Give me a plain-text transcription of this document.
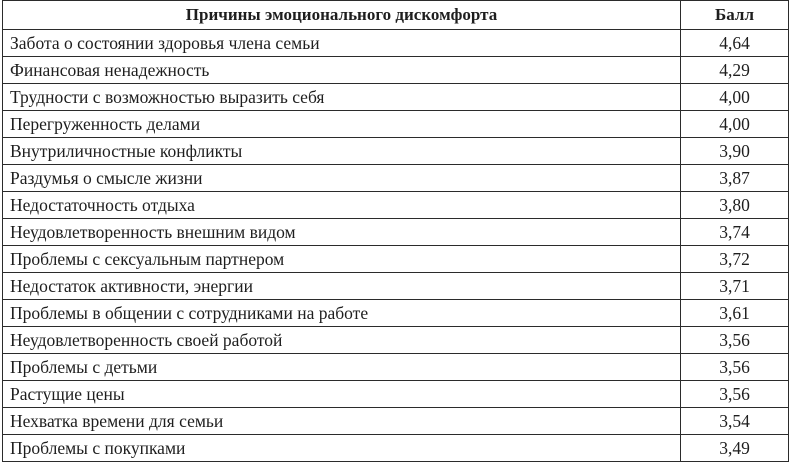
Причины эмоционального дискомфорта	Балл
Забота о состоянии здоровья члена семьи	4,64
Финансовая ненадежность	4,29
Трудности с возможностью выразить себя	4,00
Перегруженность делами	4,00
Внутриличностные конфликты	3,90
Раздумья о смысле жизни	3,87
Недостаточность отдыха	3,80
Неудовлетворенность внешним видом	3,74
Проблемы с сексуальным партнером	3,72
Недостаток активности, энергии	3,71
Проблемы в общении с сотрудниками на работе	3,61
Неудовлетворенность своей работой	3,56
Проблемы с детьми	3,56
Растущие цены	3,56
Нехватка времени для семьи	3,54
Проблемы с покупками	3,49
